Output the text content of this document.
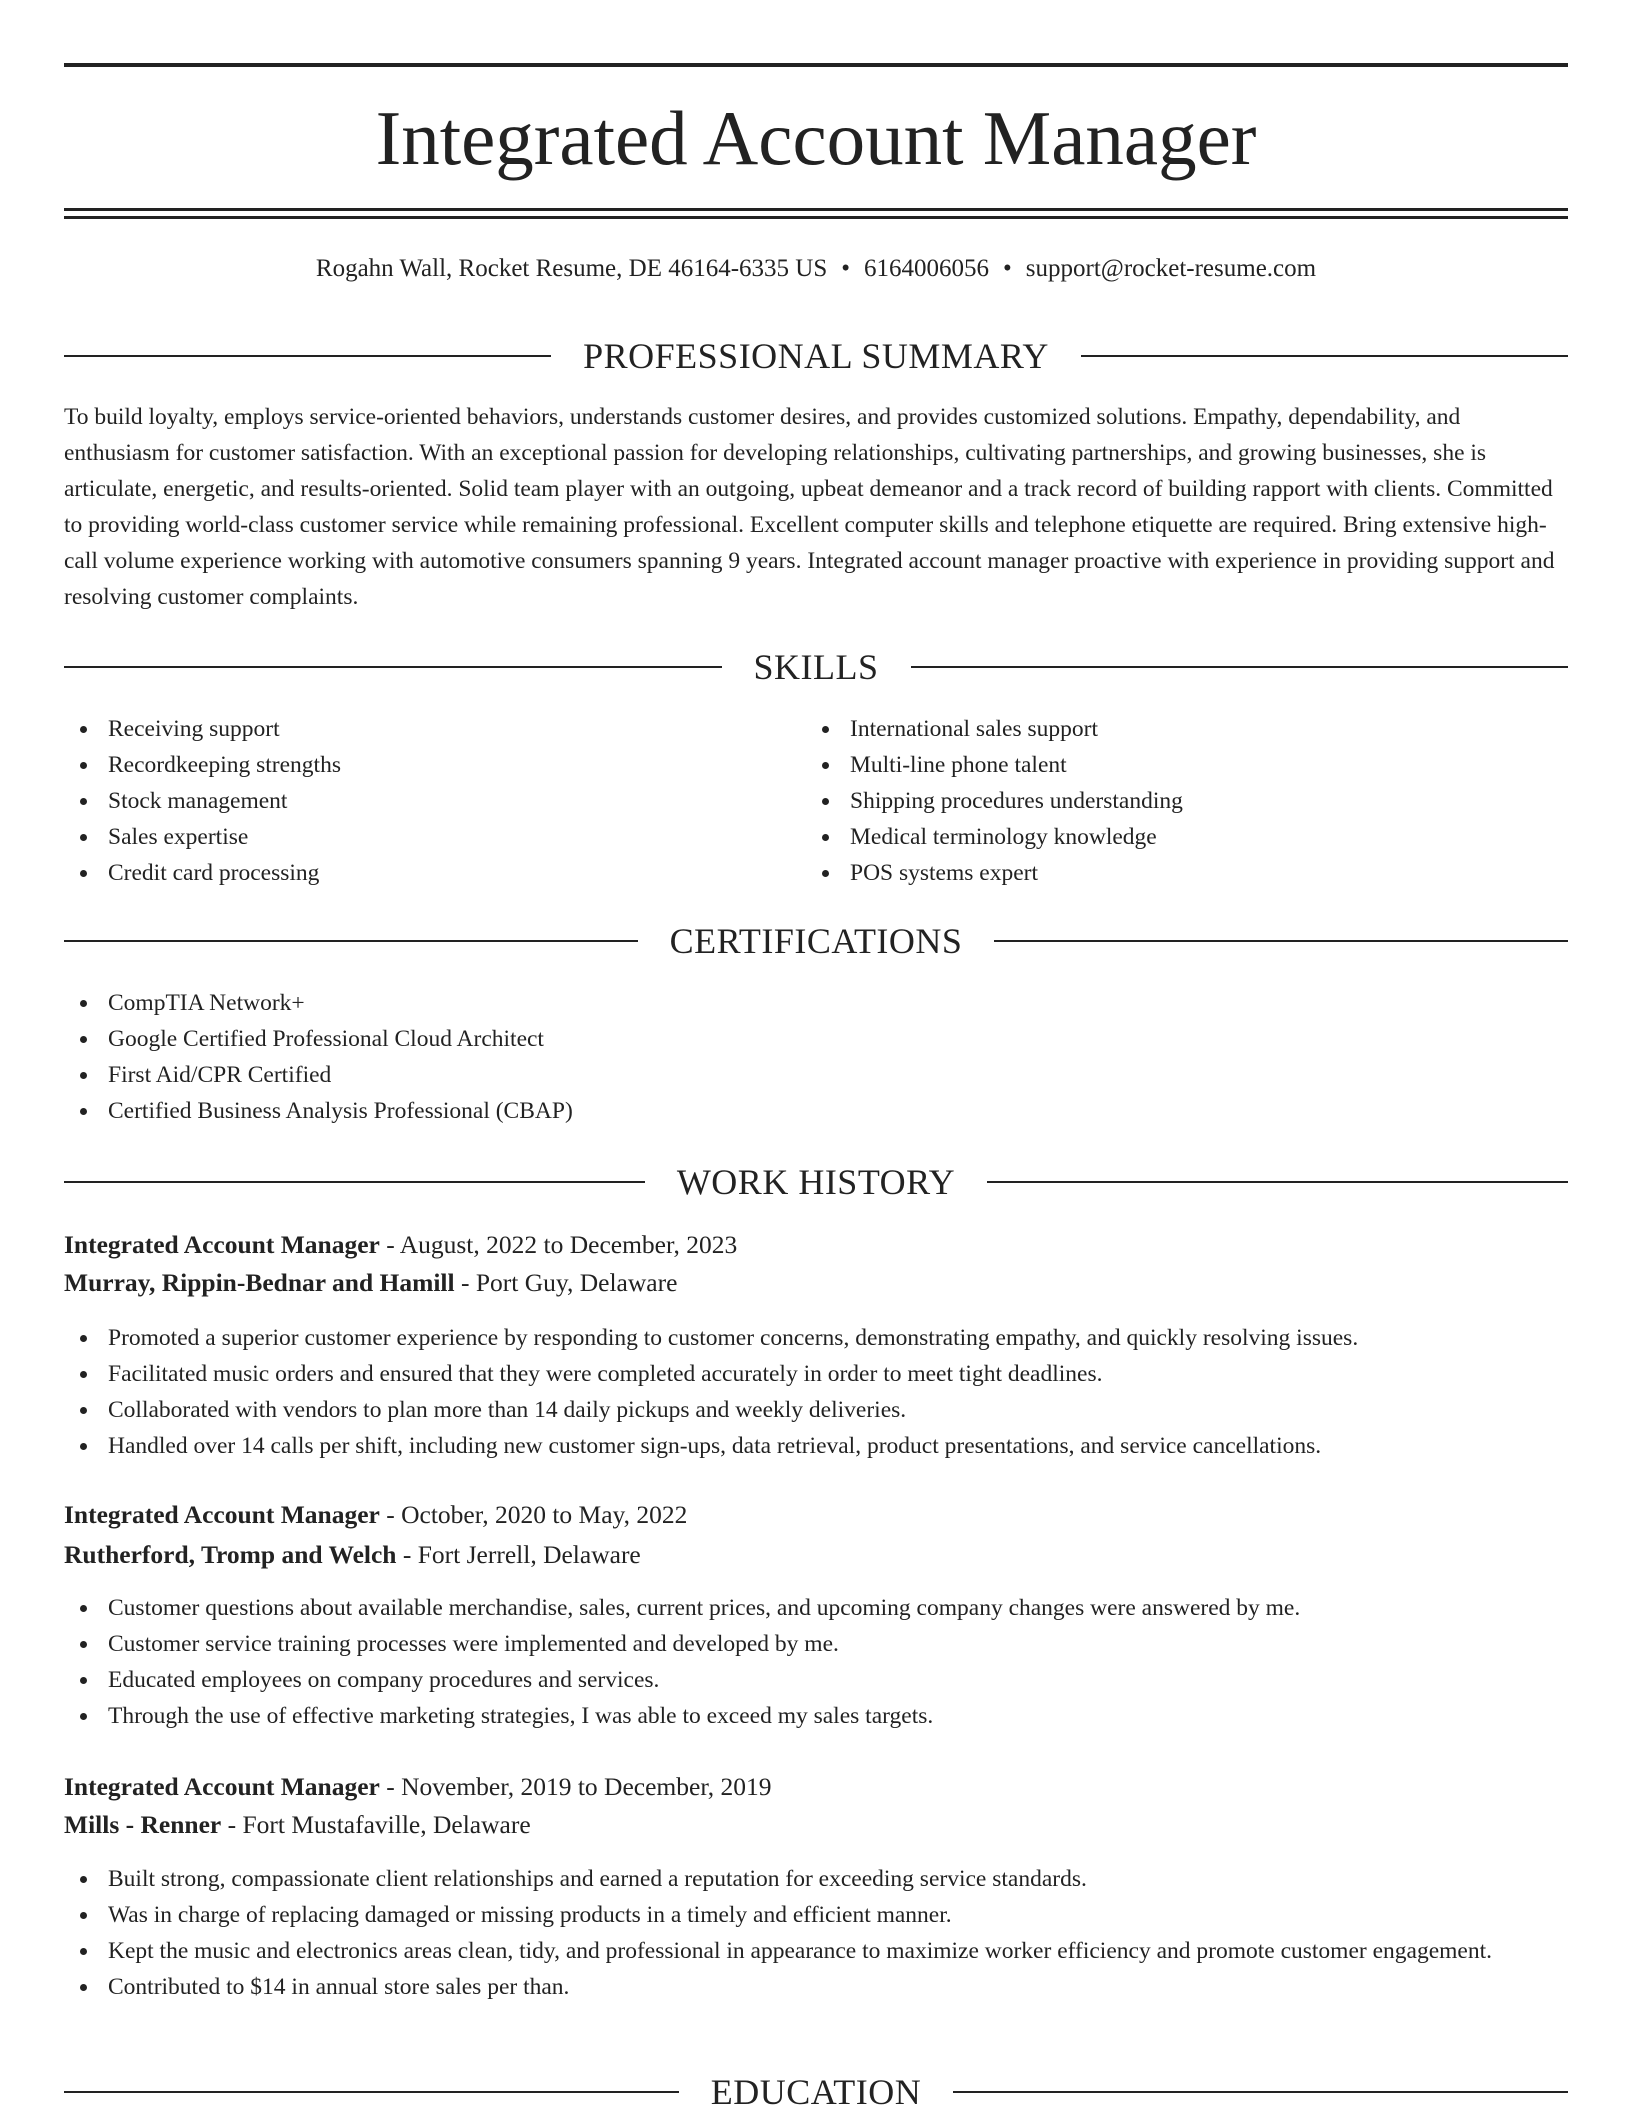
Integrated Account Manager
Rogahn Wall, Rocket Resume, DE 46164-6335 US • 6164006056 • support@rocket-resume.com
PROFESSIONAL SUMMARY

To build loyalty, employs service-oriented behaviors, understands customer desires, and provides customized solutions. Empathy, dependability, and enthusiasm for customer satisfaction. With an exceptional passion for developing relationships, cultivating partnerships, and growing businesses, she is articulate, energetic, and results-oriented. Solid team player with an outgoing, upbeat demeanor and a track record of building rapport with clients. Committed to providing world-class customer service while remaining professional. Excellent computer skills and telephone etiquette are required. Bring extensive high-call volume experience working with automotive consumers spanning 9 years. Integrated account manager proactive with experience in providing support and resolving customer complaints.

SKILLS
Receiving support
Recordkeeping strengths
Stock management
Sales expertise
Credit card processing
International sales support
Multi-line phone talent
Shipping procedures understanding
Medical terminology knowledge
POS systems expert
CERTIFICATIONS
CompTIA Network+
Google Certified Professional Cloud Architect
First Aid/CPR Certified
Certified Business Analysis Professional (CBAP)
WORK HISTORY
Integrated Account Manager - August, 2022 to December, 2023
Murray, Rippin-Bednar and Hamill - Port Guy, Delaware
Promoted a superior customer experience by responding to customer concerns, demonstrating empathy, and quickly resolving issues.
Facilitated music orders and ensured that they were completed accurately in order to meet tight deadlines.
Collaborated with vendors to plan more than 14 daily pickups and weekly deliveries.
Handled over 14 calls per shift, including new customer sign-ups, data retrieval, product presentations, and service cancellations.
Integrated Account Manager - October, 2020 to May, 2022
Rutherford, Tromp and Welch - Fort Jerrell, Delaware
Customer questions about available merchandise, sales, current prices, and upcoming company changes were answered by me.
Customer service training processes were implemented and developed by me.
Educated employees on company procedures and services.
Through the use of effective marketing strategies, I was able to exceed my sales targets.
Integrated Account Manager - November, 2019 to December, 2019
Mills - Renner - Fort Mustafaville, Delaware
Built strong, compassionate client relationships and earned a reputation for exceeding service standards.
Was in charge of replacing damaged or missing products in a timely and efficient manner.
Kept the music and electronics areas clean, tidy, and professional in appearance to maximize worker efficiency and promote customer engagement.
Contributed to $14 in annual store sales per than.
EDUCATION
